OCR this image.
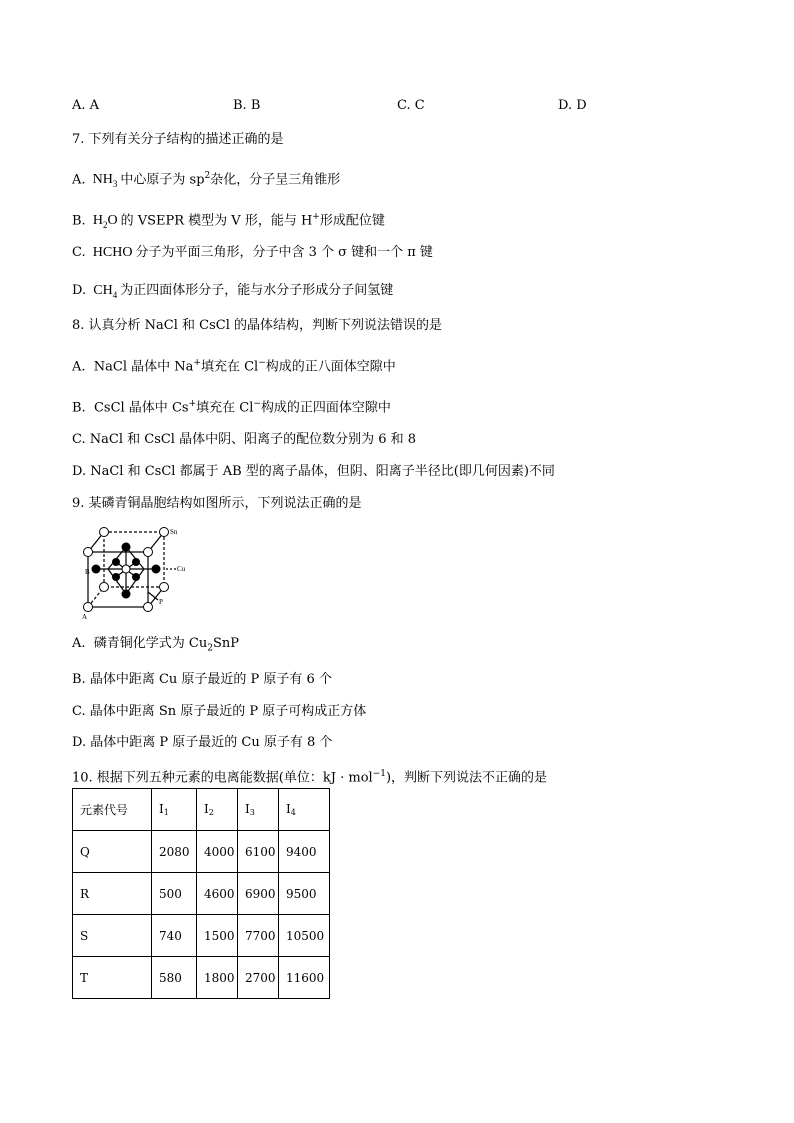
A. A	B. B	C. C	D. D
7. 下列有关分子结构的描述正确的是
A. $NH_3$ 中心原子为 $sp^2$杂化，分子呈三角锥形
B. $H_2O$ 的 VSEPR 模型为 V 形，能与 H+形成配位键
C. HCHO 分子为平面三角形，分子中含 3 个 σ 键和一个 π 键
D. $CH_4$ 为正四面体形分子，能与水分子形成分子间氢键
8. 认真分析 NaCl 和 CsCl 的晶体结构，判断下列说法错误的是
A. NaCl 晶体中 Na+填充在 Cl−构成的正八面体空隙中
B. CsCl 晶体中 Cs+填充在 Cl−构成的正四面体空隙中
C. NaCl 和 CsCl 晶体中阴、阳离子的配位数分别为 6 和 8
D. NaCl 和 CsCl 都属于 AB 型的离子晶体，但阴、阳离子半径比(即几何因素)不同
9. 某磷青铜晶胞结构如图所示，下列说法正确的是
Sn
Cu
B
A
P
A. 磷青铜化学式为 $Cu_2SnP$
B. 晶体中距离 Cu 原子最近的 P 原子有 6 个
C. 晶体中距离 Sn 原子最近的 P 原子可构成正方体
D. 晶体中距离 P 原子最近的 Cu 原子有 8 个
10. 根据下列五种元素的电离能数据(单位：kJ · mol$^{-1}$)，判断下列说法不正确的是
元素代号	I1	I2	I3	I4
Q	2080	4000	6100	9400
R	500	4600	6900	9500
S	740	1500	7700	10500
T	580	1800	2700	11600
